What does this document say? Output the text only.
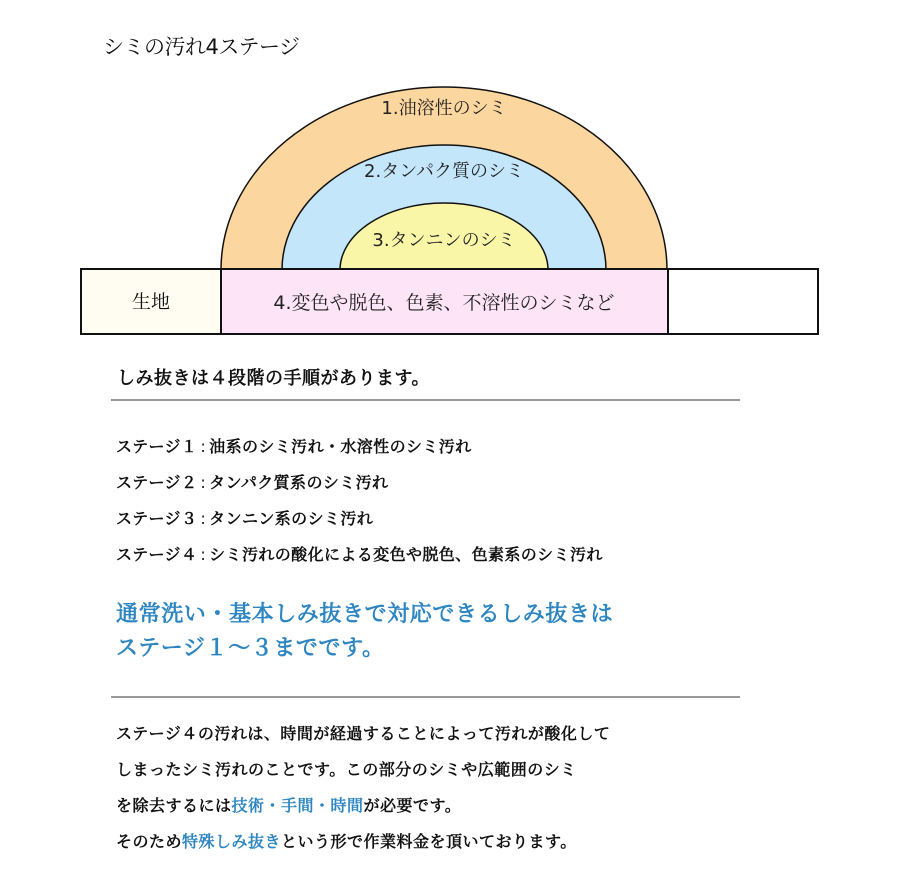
シミの汚れ4ステージ
1.油溶性のシミ
2.タンパク質のシミ
3.タンニンのシミ
生地	4.変色や脱色、色素、不溶性のシミなど
しみ抜きは４段階の手順があります。
ステージ１ : 油系のシミ汚れ・水溶性のシミ汚れ
ステージ２ : タンパク質系のシミ汚れ
ステージ３ : タンニン系のシミ汚れ
ステージ４ : シミ汚れの酸化による変色や脱色、色素系のシミ汚れ
通常洗い・基本しみ抜きで対応できるしみ抜きは
ステージ１～３までです。
ステージ４の汚れは、時間が経過することによって汚れが酸化して
しまったシミ汚れのことです。この部分のシミや広範囲のシミ
を除去するには技術・手間・時間が必要です。
そのため特殊しみ抜きという形で作業料金を頂いております。
